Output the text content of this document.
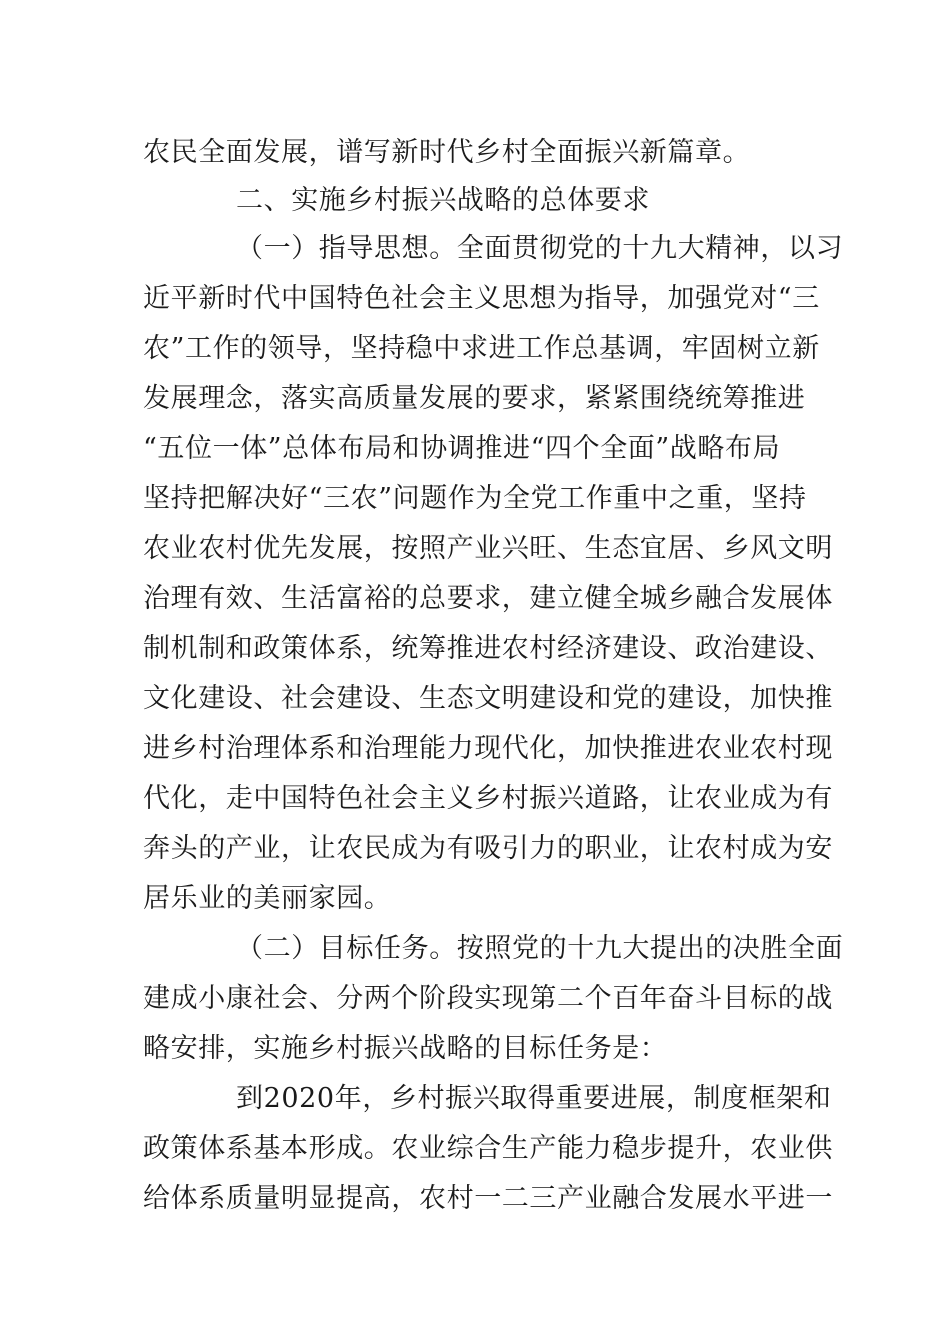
农民全面发展，谱写新时代乡村全面振兴新篇章。
二、实施乡村振兴战略的总体要求
（一）指导思想。全面贯彻党的十九大精神，以习
近平新时代中国特色社会主义思想为指导，加强党对“三
农”工作的领导，坚持稳中求进工作总基调，牢固树立新
发展理念，落实高质量发展的要求，紧紧围绕统筹推进
“五位一体”总体布局和协调推进“四个全面”战略布局
坚持把解决好“三农”问题作为全党工作重中之重，坚持
农业农村优先发展，按照产业兴旺、生态宜居、乡风文明
治理有效、生活富裕的总要求，建立健全城乡融合发展体
制机制和政策体系，统筹推进农村经济建设、政治建设、
文化建设、社会建设、生态文明建设和党的建设，加快推
进乡村治理体系和治理能力现代化，加快推进农业农村现
代化，走中国特色社会主义乡村振兴道路，让农业成为有
奔头的产业，让农民成为有吸引力的职业，让农村成为安
居乐业的美丽家园。
（二）目标任务。按照党的十九大提出的决胜全面
建成小康社会、分两个阶段实现第二个百年奋斗目标的战
略安排，实施乡村振兴战略的目标任务是：
到2020年，乡村振兴取得重要进展，制度框架和
政策体系基本形成。农业综合生产能力稳步提升，农业供
给体系质量明显提高，农村一二三产业融合发展水平进一
